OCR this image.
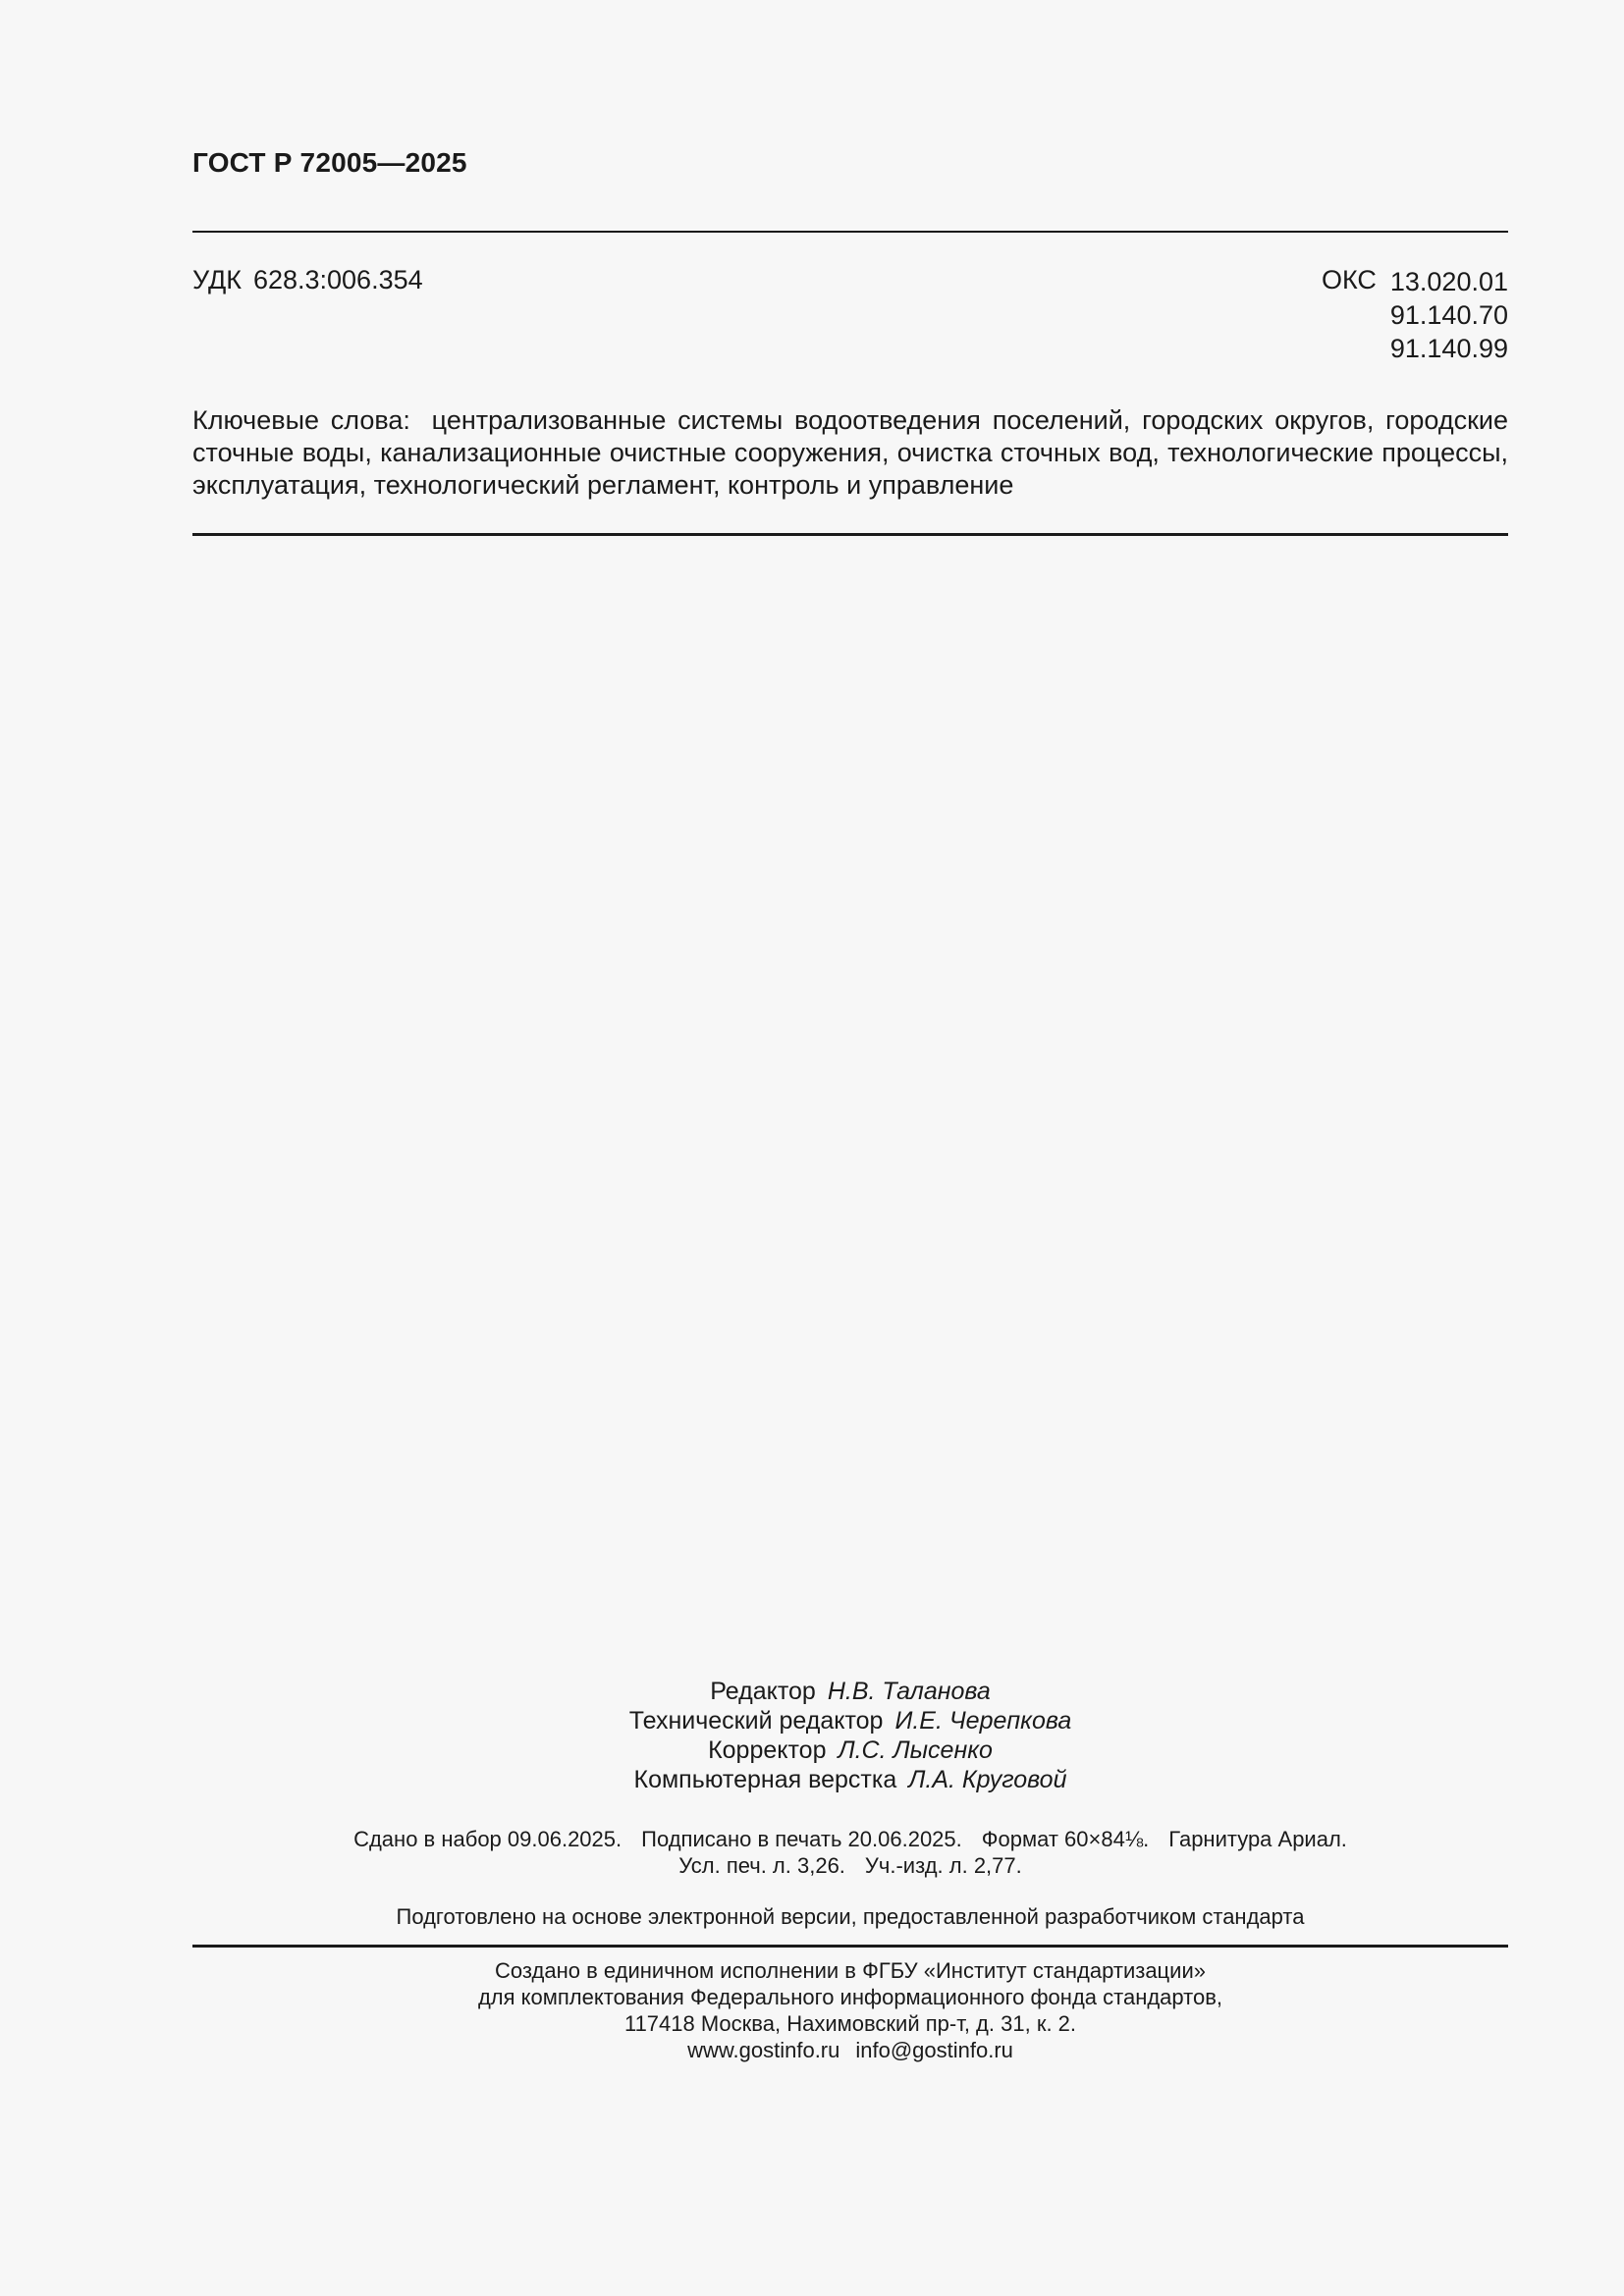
ГОСТ Р 72005—2025
УДК 628.3:006.354	ОКС 13.020.01
91.140.70
91.140.99
Ключевые слова: централизованные системы водоотведения поселений, городских округов, городские сточные воды, канализационные очистные сооружения, очистка сточных вод, технологические процессы, эксплуатация, технологический регламент, контроль и управление
Редактор Н.В. Таланова
Технический редактор И.Е. Черепкова
Корректор Л.С. Лысенко
Компьютерная верстка Л.А. Круговой
Сдано в набор 09.06.2025. Подписано в печать 20.06.2025. Формат 60×84⅛. Гарнитура Ариал.
Усл. печ. л. 3,26. Уч.-изд. л. 2,77.
Подготовлено на основе электронной версии, предоставленной разработчиком стандарта
Создано в единичном исполнении в ФГБУ «Институт стандартизации»
для комплектования Федерального информационного фонда стандартов,
117418 Москва, Нахимовский пр-т, д. 31, к. 2.
www.gostinfo.ru info@gostinfo.ru
